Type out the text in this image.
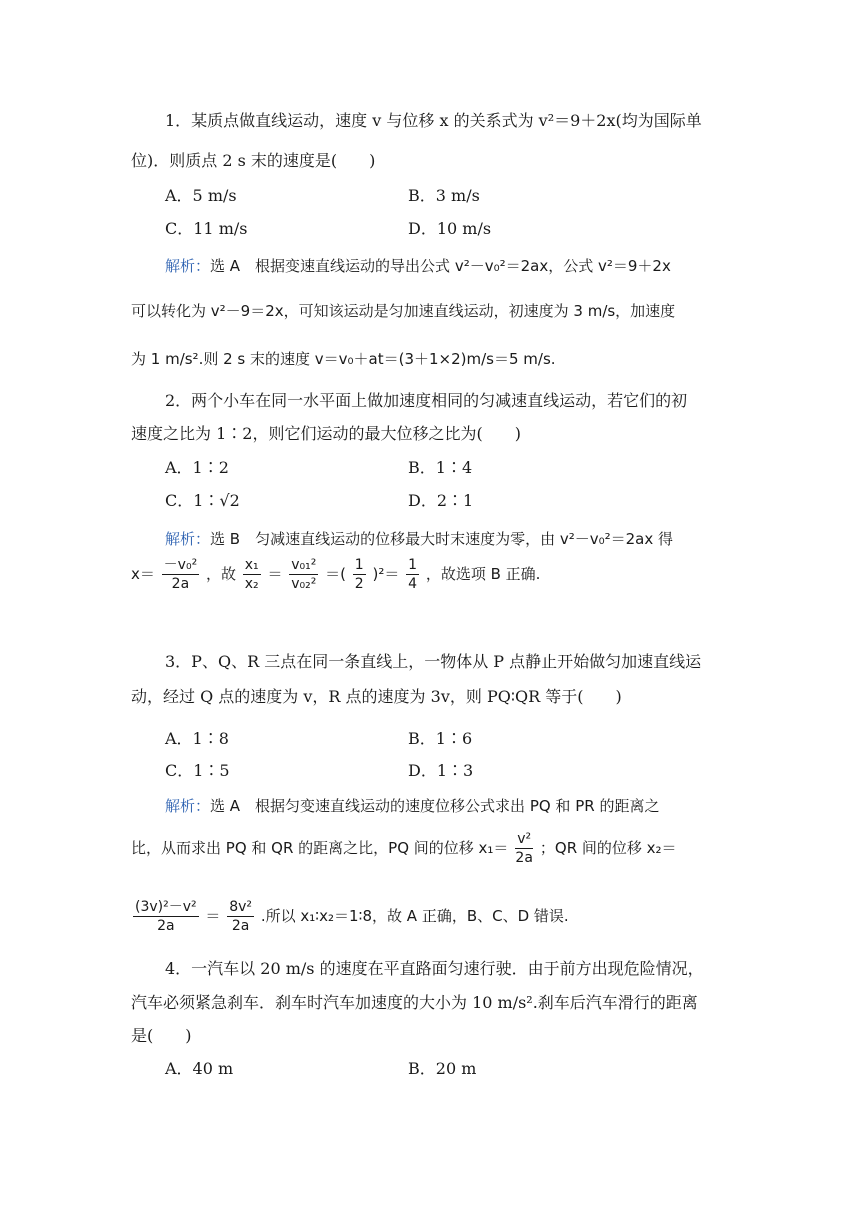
1．某质点做直线运动，速度 v 与位移 x 的关系式为 v²＝9＋2x(均为国际单
位)．则质点 2 s 末的速度是(　　)
A．5 m/s	B．3 m/s
C．11 m/s	D．10 m/s
解析：选 A　根据变速直线运动的导出公式 v²－v₀²＝2ax，公式 v²＝9＋2x
可以转化为 v²－9＝2x，可知该运动是匀加速直线运动，初速度为 3 m/s，加速度
为 1 m/s².则 2 s 末的速度 v＝v₀＋at＝(3＋1×2)m/s＝5 m/s.
2．两个小车在同一水平面上做加速度相同的匀减速直线运动，若它们的初
速度之比为 1∶2，则它们运动的最大位移之比为(　　)
A．1∶2	B．1∶4
C．1∶√2	D．2∶1
解析：选 B　匀减速直线运动的位移最大时末速度为零，由 v²－v₀²＝2ax 得
$x= \frac{\text{－v₀²}}{2a}$ ，故 $\frac{\text{x₁}}{\text{x₂}} = \frac{\text{v₀₁²}}{\text{v₀₂²}}$ ＝( $\frac{1}{2} )^2= \frac{1}{4}$ ，故选项 B 正确.
3．P、Q、R 三点在同一条直线上，一物体从 P 点静止开始做匀加速直线运
动，经过 Q 点的速度为 v，R 点的速度为 3v，则 PQ∶QR 等于(　　)
A．1∶8	B．1∶6
C．1∶5	D．1∶3
解析：选 A　根据匀变速直线运动的速度位移公式求出 PQ 和 PR 的距离之
比，从而求出 PQ 和 QR 的距离之比，PQ 间的位移 $x_1= \frac{\text{v²}}{2a}$ ；QR 间的位移 x₂＝
$\frac{\text{(3v)²－v²}}{2a} = \frac{\text{8v²}}{2a}$ .所以 x₁∶x₂＝1∶8，故 A 正确，B、C、D 错误.
4．一汽车以 20 m/s 的速度在平直路面匀速行驶．由于前方出现危险情况，
汽车必须紧急刹车．刹车时汽车加速度的大小为 10 m/s².刹车后汽车滑行的距离
是(　　)
A．40 m	B．20 m
